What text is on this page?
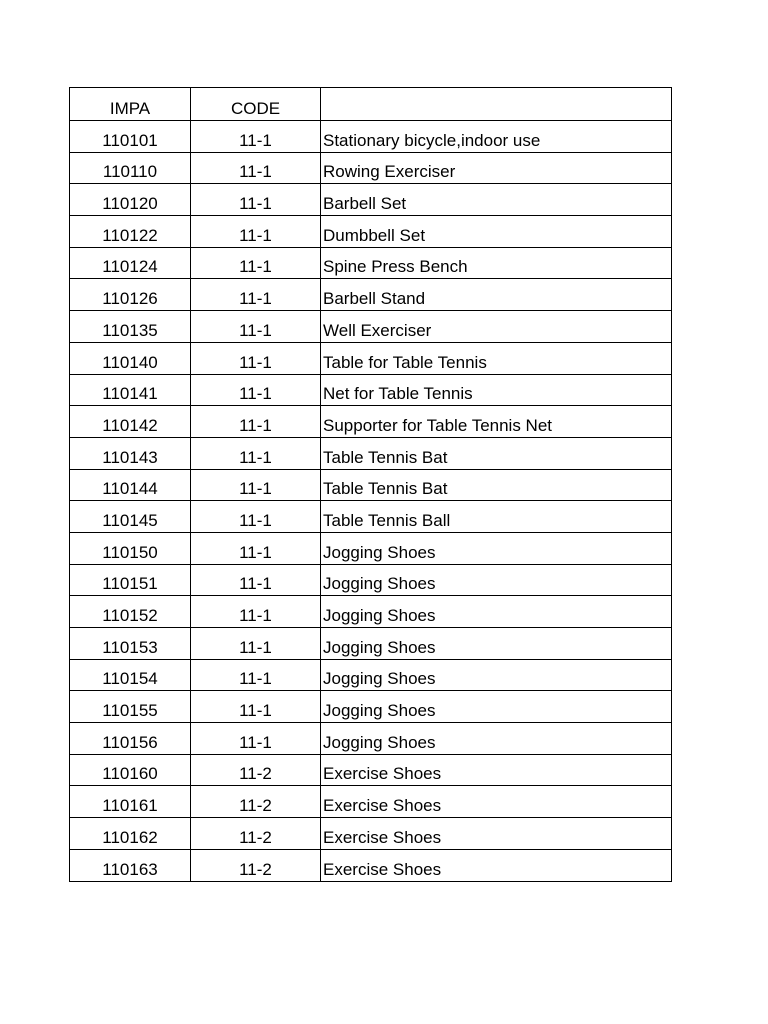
IMPA	CODE	
110101	11-1	Stationary bicycle,indoor use
110110	11-1	Rowing Exerciser
110120	11-1	Barbell Set
110122	11-1	Dumbbell Set
110124	11-1	Spine Press Bench
110126	11-1	Barbell Stand
110135	11-1	Well Exerciser
110140	11-1	Table for Table Tennis
110141	11-1	Net for Table Tennis
110142	11-1	Supporter for Table Tennis Net
110143	11-1	Table Tennis Bat
110144	11-1	Table Tennis Bat
110145	11-1	Table Tennis Ball
110150	11-1	Jogging Shoes
110151	11-1	Jogging Shoes
110152	11-1	Jogging Shoes
110153	11-1	Jogging Shoes
110154	11-1	Jogging Shoes
110155	11-1	Jogging Shoes
110156	11-1	Jogging Shoes
110160	11-2	Exercise Shoes
110161	11-2	Exercise Shoes
110162	11-2	Exercise Shoes
110163	11-2	Exercise Shoes
